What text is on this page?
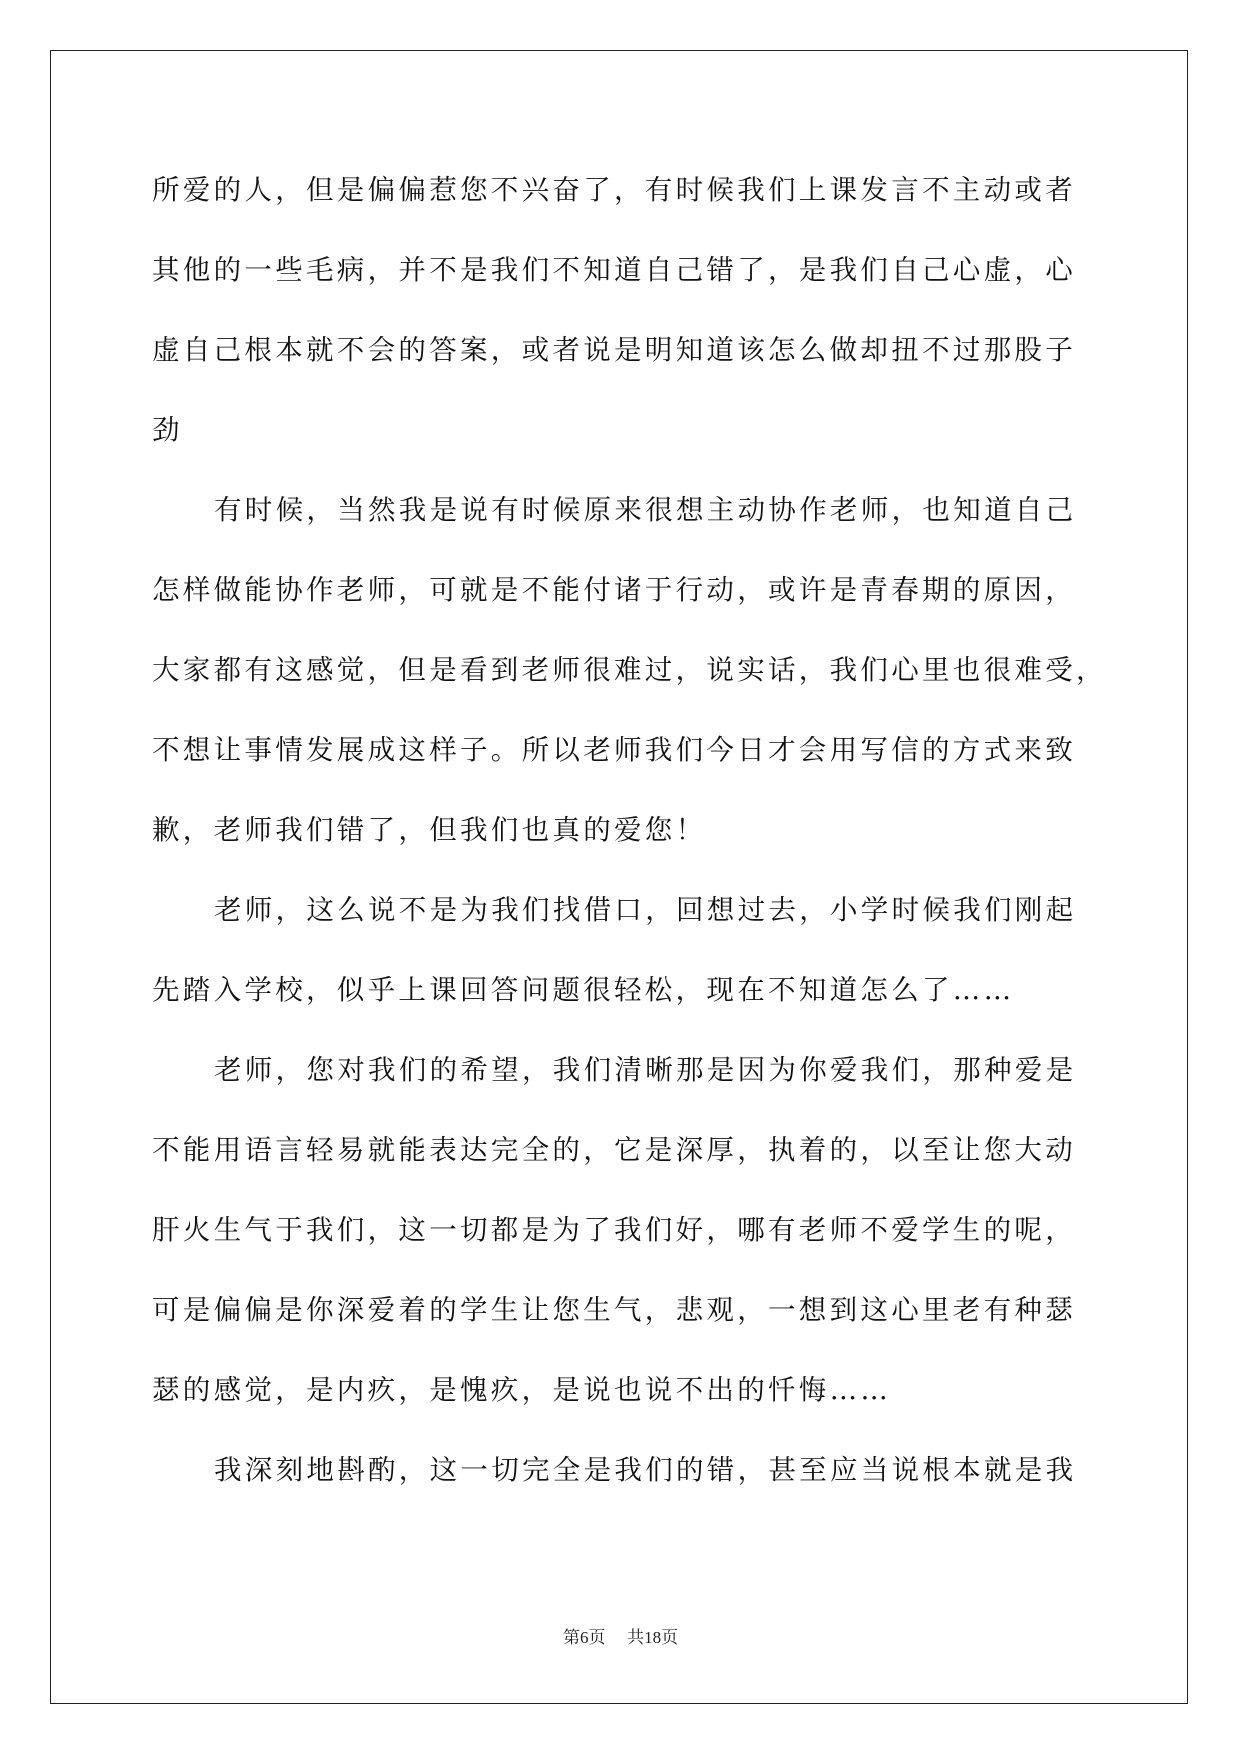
所爱的人，但是偏偏惹您不兴奋了，有时候我们上课发言不主动或者
其他的一些毛病，并不是我们不知道自己错了，是我们自己心虚，心
虚自己根本就不会的答案，或者说是明知道该怎么做却扭不过那股子
劲
有时候，当然我是说有时候原来很想主动协作老师，也知道自己
怎样做能协作老师，可就是不能付诸于行动，或许是青春期的原因，
大家都有这感觉，但是看到老师很难过，说实话，我们心里也很难受，
不想让事情发展成这样子。所以老师我们今日才会用写信的方式来致
歉，老师我们错了，但我们也真的爱您！
老师，这么说不是为我们找借口，回想过去，小学时候我们刚起
先踏入学校，似乎上课回答问题很轻松，现在不知道怎么了……
老师，您对我们的希望，我们清晰那是因为你爱我们，那种爱是
不能用语言轻易就能表达完全的，它是深厚，执着的，以至让您大动
肝火生气于我们，这一切都是为了我们好，哪有老师不爱学生的呢，
可是偏偏是你深爱着的学生让您生气，悲观，一想到这心里老有种瑟
瑟的感觉，是内疚，是愧疚，是说也说不出的忏悔……
我深刻地斟酌，这一切完全是我们的错，甚至应当说根本就是我
第6页 共18页
